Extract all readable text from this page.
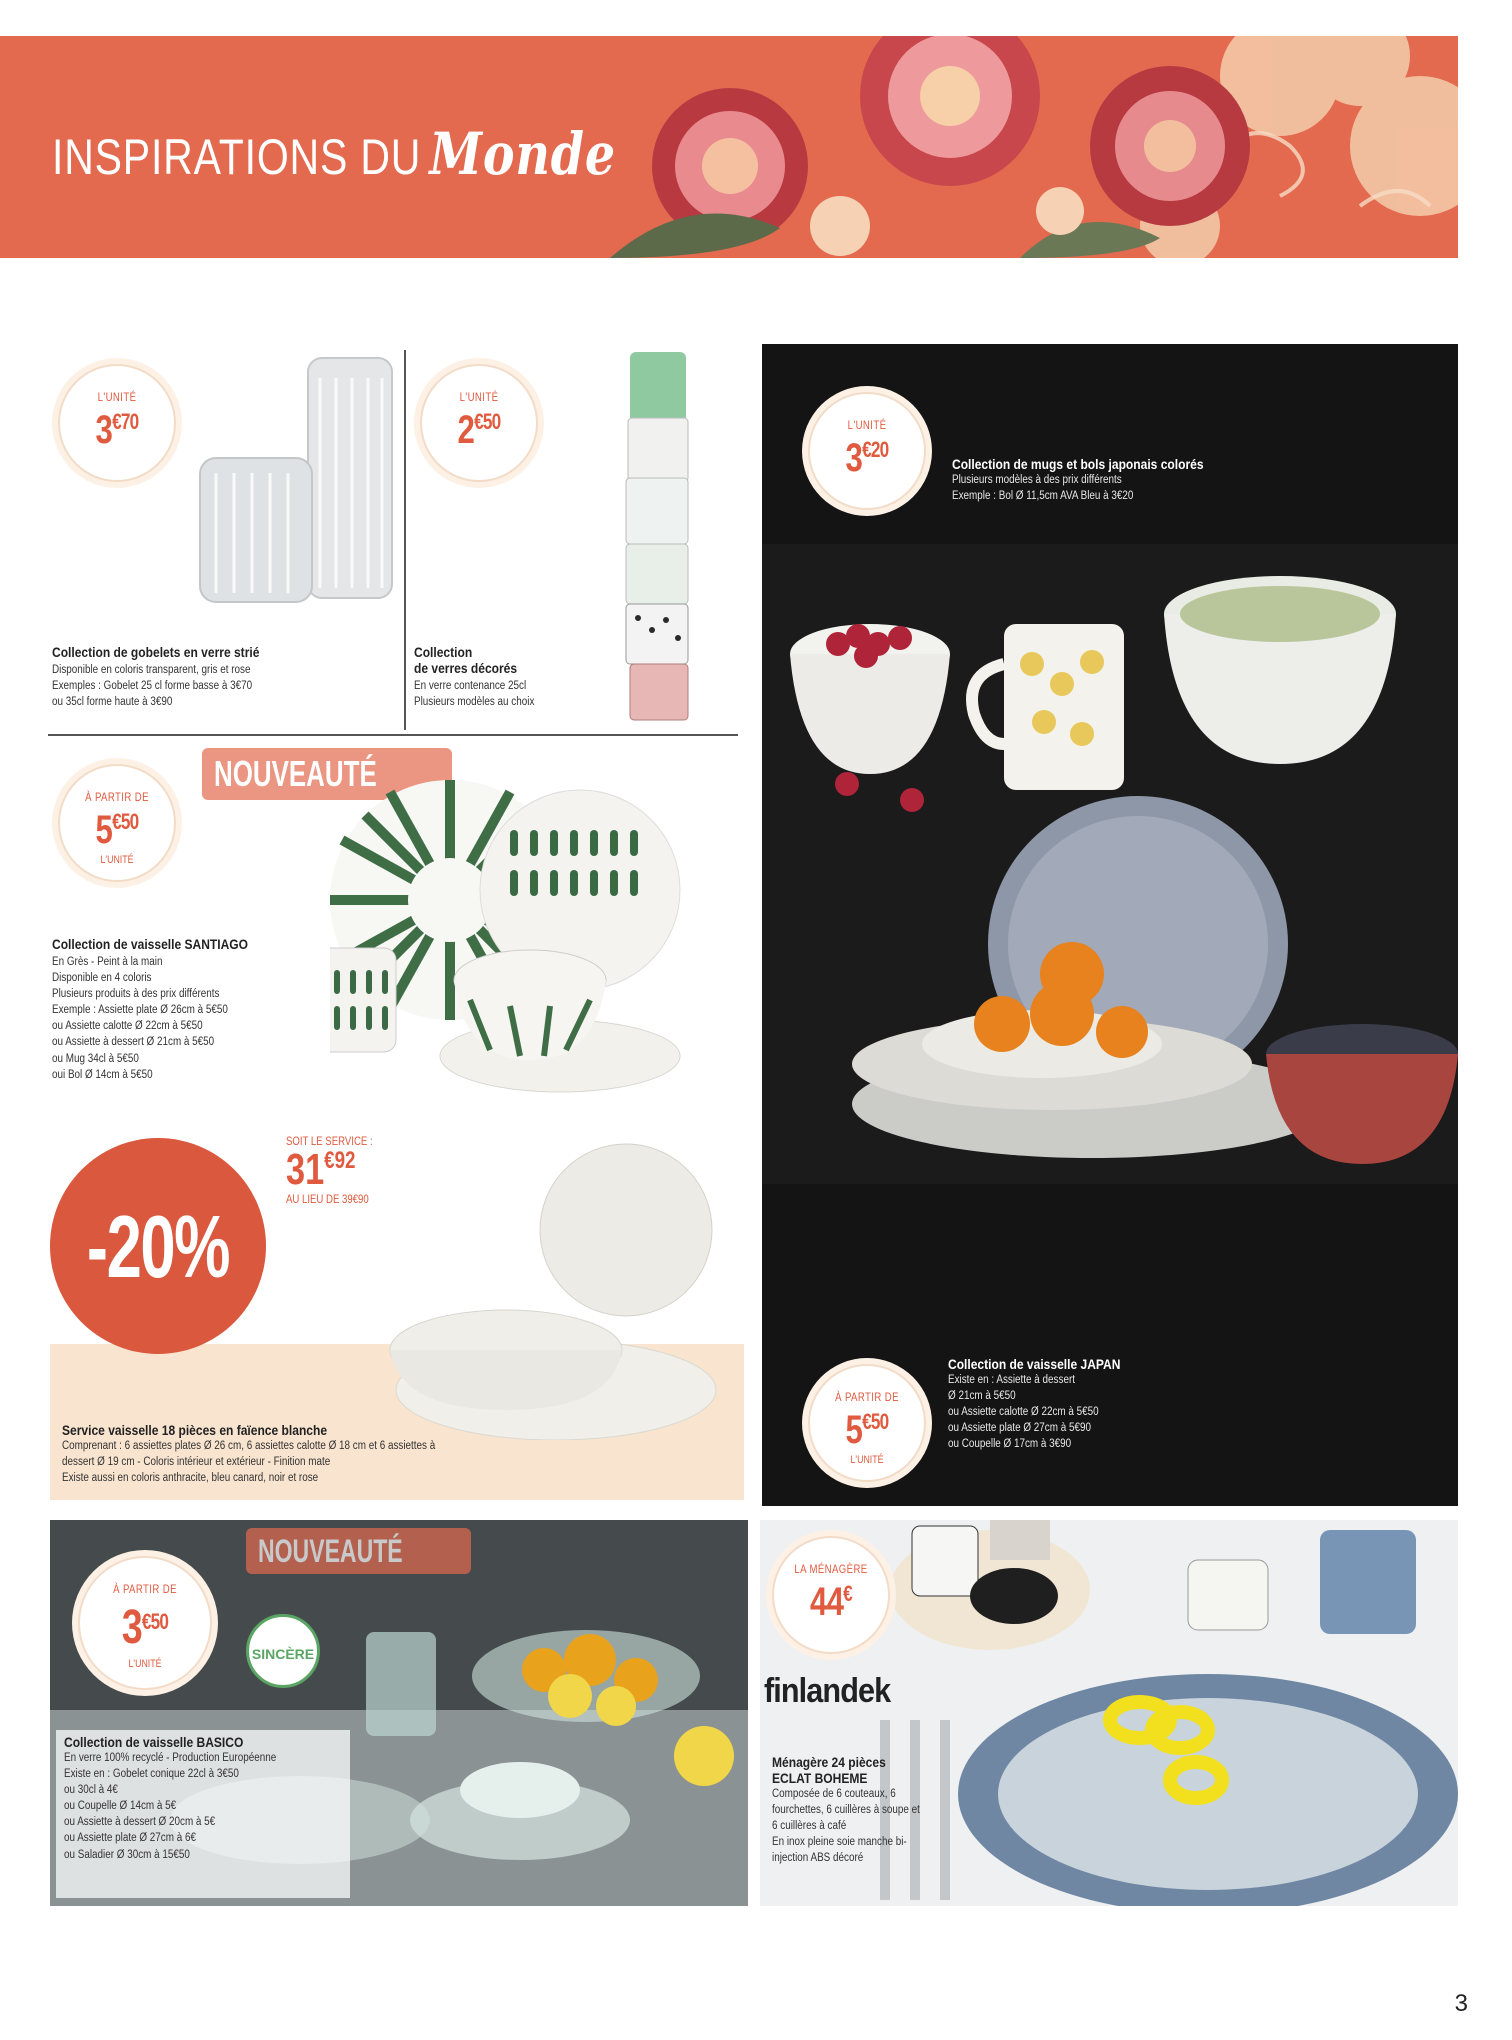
INSPIRATIONS DU Monde
L'UNITÉ
$3^{€70}$
Collection de gobelets en verre strié
Disponible en coloris transparent, gris et rose
Exemples : Gobelet 25 cl forme basse à 3€70
ou 35cl forme haute à 3€90
L'UNITÉ
$2^{€50}$
Collection
de verres décorés
En verre contenance 25cl
Plusieurs modèles au choix
L'UNITÉ
$3^{€20}$
Collection de mugs et bols japonais colorés
Plusieurs modèles à des prix différents
Exemple : Bol Ø 11,5cm AVA Bleu à 3€20
À PARTIR DE
$5^{€50}$
L'UNITÉ
Collection de vaisselle JAPAN
Existe en : Assiette à dessert
Ø 21cm à 5€50
ou Assiette calotte Ø 22cm à 5€50
ou Assiette plate Ø 27cm à 5€90
ou Coupelle Ø 17cm à 3€90
NOUVEAUTÉ
À PARTIR DE
$5^{€50}$
L'UNITÉ
Collection de vaisselle SANTIAGO
En Grès - Peint à la main
Disponible en 4 coloris
Plusieurs produits à des prix différents
Exemple : Assiette plate Ø 26cm à 5€50
ou Assiette calotte Ø 22cm à 5€50
ou Assiette à dessert Ø 21cm à 5€50
ou Mug 34cl à 5€50
oui Bol Ø 14cm à 5€50
-20%
SOIT LE SERVICE :
$31^{€92}$
AU LIEU DE 39€90
Service vaisselle 18 pièces en faïence blanche
Comprenant : 6 assiettes plates Ø 26 cm, 6 assiettes calotte Ø 18 cm et 6 assiettes à
dessert Ø 19 cm - Coloris intérieur et extérieur - Finition mate
Existe aussi en coloris anthracite, bleu canard, noir et rose
NOUVEAUTÉ
À PARTIR DE
$3^{€50}$
L'UNITÉ
SINCÈRE
Collection de vaisselle BASICO
En verre 100% recyclé - Production Européenne
Existe en : Gobelet conique 22cl à 3€50
ou 30cl à 4€
ou Coupelle Ø 14cm à 5€
ou Assiette à dessert Ø 20cm à 5€
ou Assiette plate Ø 27cm à 6€
ou Saladier Ø 30cm à 15€50
LA MÉNAGÈRE
44€
finlandek
Ménagère 24 pièces
ECLAT BOHEME
Composée de 6 couteaux, 6
fourchettes, 6 cuillères à soupe et
6 cuillères à café
En inox pleine soie manche bi-
injection ABS décoré
3
